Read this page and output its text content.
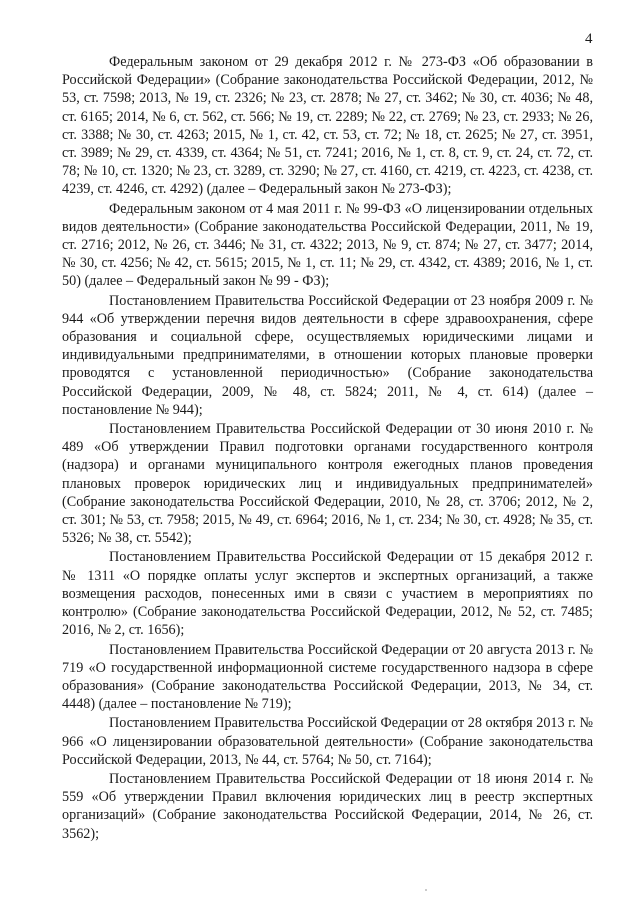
4

Федеральным законом от 29 декабря 2012 г. № 273-ФЗ «Об образовании в Российской Федерации» (Собрание законодательства Российской Федерации, 2012, № 53, ст. 7598; 2013, № 19, ст. 2326; № 23, ст. 2878; № 27, ст. 3462; № 30, ст. 4036; № 48, ст. 6165; 2014, № 6, ст. 562, ст. 566; № 19, ст. 2289; № 22, ст. 2769; № 23, ст. 2933; № 26, ст. 3388; № 30, ст. 4263; 2015, № 1, ст. 42, ст. 53, ст. 72; № 18, ст. 2625; № 27, ст. 3951, ст. 3989; № 29, ст. 4339, ст. 4364; № 51, ст. 7241; 2016, № 1, ст. 8, ст. 9, ст. 24, ст. 72, ст. 78; № 10, ст. 1320; № 23, ст. 3289, ст. 3290; № 27, ст. 4160, ст. 4219, ст. 4223, ст. 4238, ст. 4239, ст. 4246, ст. 4292) (далее – Федеральный закон № 273-ФЗ);

Федеральным законом от 4 мая 2011 г. № 99-ФЗ «О лицензировании отдельных видов деятельности» (Собрание законодательства Российской Федерации, 2011, № 19, ст. 2716; 2012, № 26, ст. 3446; № 31, ст. 4322; 2013, № 9, ст. 874; № 27, ст. 3477; 2014, № 30, ст. 4256; № 42, ст. 5615; 2015, № 1, ст. 11; № 29, ст. 4342, ст. 4389; 2016, № 1, ст. 50) (далее – Федеральный закон № 99 - ФЗ);

Постановлением Правительства Российской Федерации от 23 ноября 2009 г. № 944 «Об утверждении перечня видов деятельности в сфере здравоохранения, сфере образования и социальной сфере, осуществляемых юридическими лицами и индивидуальными предпринимателями, в отношении которых плановые проверки проводятся с установленной периодичностью» (Собрание законодательства Российской Федерации, 2009, № 48, ст. 5824; 2011, № 4, ст. 614) (далее – постановление № 944);

Постановлением Правительства Российской Федерации от 30 июня 2010 г. № 489 «Об утверждении Правил подготовки органами государственного контроля (надзора) и органами муниципального контроля ежегодных планов проведения плановых проверок юридических лиц и индивидуальных предпринимателей» (Собрание законодательства Российской Федерации, 2010, № 28, ст. 3706; 2012, № 2, ст. 301; № 53, ст. 7958; 2015, № 49, ст. 6964; 2016, № 1, ст. 234; № 30, ст. 4928; № 35, ст. 5326; № 38, ст. 5542);

Постановлением Правительства Российской Федерации от 15 декабря 2012 г. № 1311 «О порядке оплаты услуг экспертов и экспертных организаций, а также возмещения расходов, понесенных ими в связи с участием в мероприятиях по контролю» (Собрание законодательства Российской Федерации, 2012, № 52, ст. 7485; 2016, № 2, ст. 1656);

Постановлением Правительства Российской Федерации от 20 августа 2013 г. № 719 «О государственной информационной системе государственного надзора в сфере образования» (Собрание законодательства Российской Федерации, 2013, № 34, ст. 4448) (далее – постановление № 719);

Постановлением Правительства Российской Федерации от 28 октября 2013 г. № 966 «О лицензировании образовательной деятельности» (Собрание законодательства Российской Федерации, 2013, № 44, ст. 5764; № 50, ст. 7164);

Постановлением Правительства Российской Федерации от 18 июня 2014 г. № 559 «Об утверждении Правил включения юридических лиц в реестр экспертных организаций» (Собрание законодательства Российской Федерации, 2014, № 26, ст. 3562);
